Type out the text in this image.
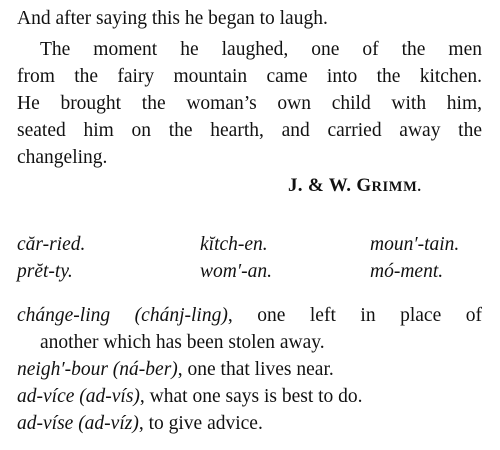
And after saying this he began to laugh.
The moment he laughed, one of the men
from the fairy mountain came into the kitchen.
He brought the woman’s own child with him,
seated him on the hearth, and carried away the
changeling.
J. & W. GRIMM.
căr-ried.	kĭtch-en.	moun′-tain.
prĕt-ty.	wom′-an.	mó-ment.
chánge-ling (chánj-ling), one left in place of
another which has been stolen away.
neigh′-bour (ná-ber), one that lives near.
ad-více (ad-vís), what one says is best to do.
ad-víse (ad-víz), to give advice.
